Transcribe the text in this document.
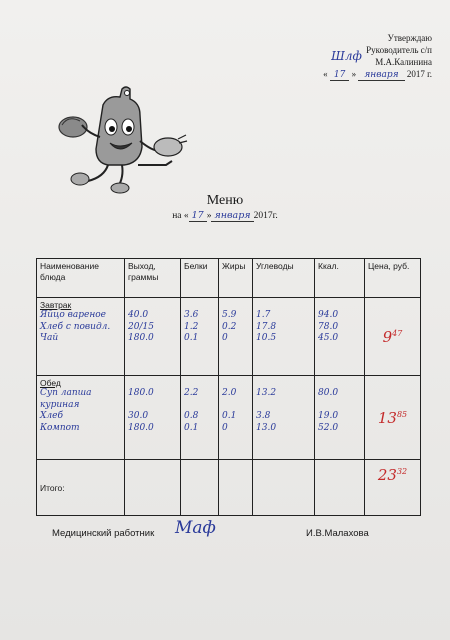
Утверждаю
Руководитель с/п
Шлф М.А.Калинина
« 17 » января 2017 г.
Меню
на « 17 » января 2017г.
Наименование блюда	Выход, граммы	Белки	Жиры	Углеводы	Ккал.	Цена, руб.

Завтрак
Яйцо вареное
Хлеб с повидл.
Чай	40.0
20/15
180.0	3.6
1.2
0.1	5.9
0.2
0	1.7
17.8
10.5	94.0
78.0
45.0	$9^{47}$

Обед
Суп лапша
куриная
Хлеб
Компот	180.0

30.0
180.0	2.2

0.8
0.1	2.0

0.1
0	13.2

3.8
13.0	80.0

19.0
52.0	$13^{85}$

Итого:						$23^{32}$
Медицинский работник Маф	И.В.Малахова
